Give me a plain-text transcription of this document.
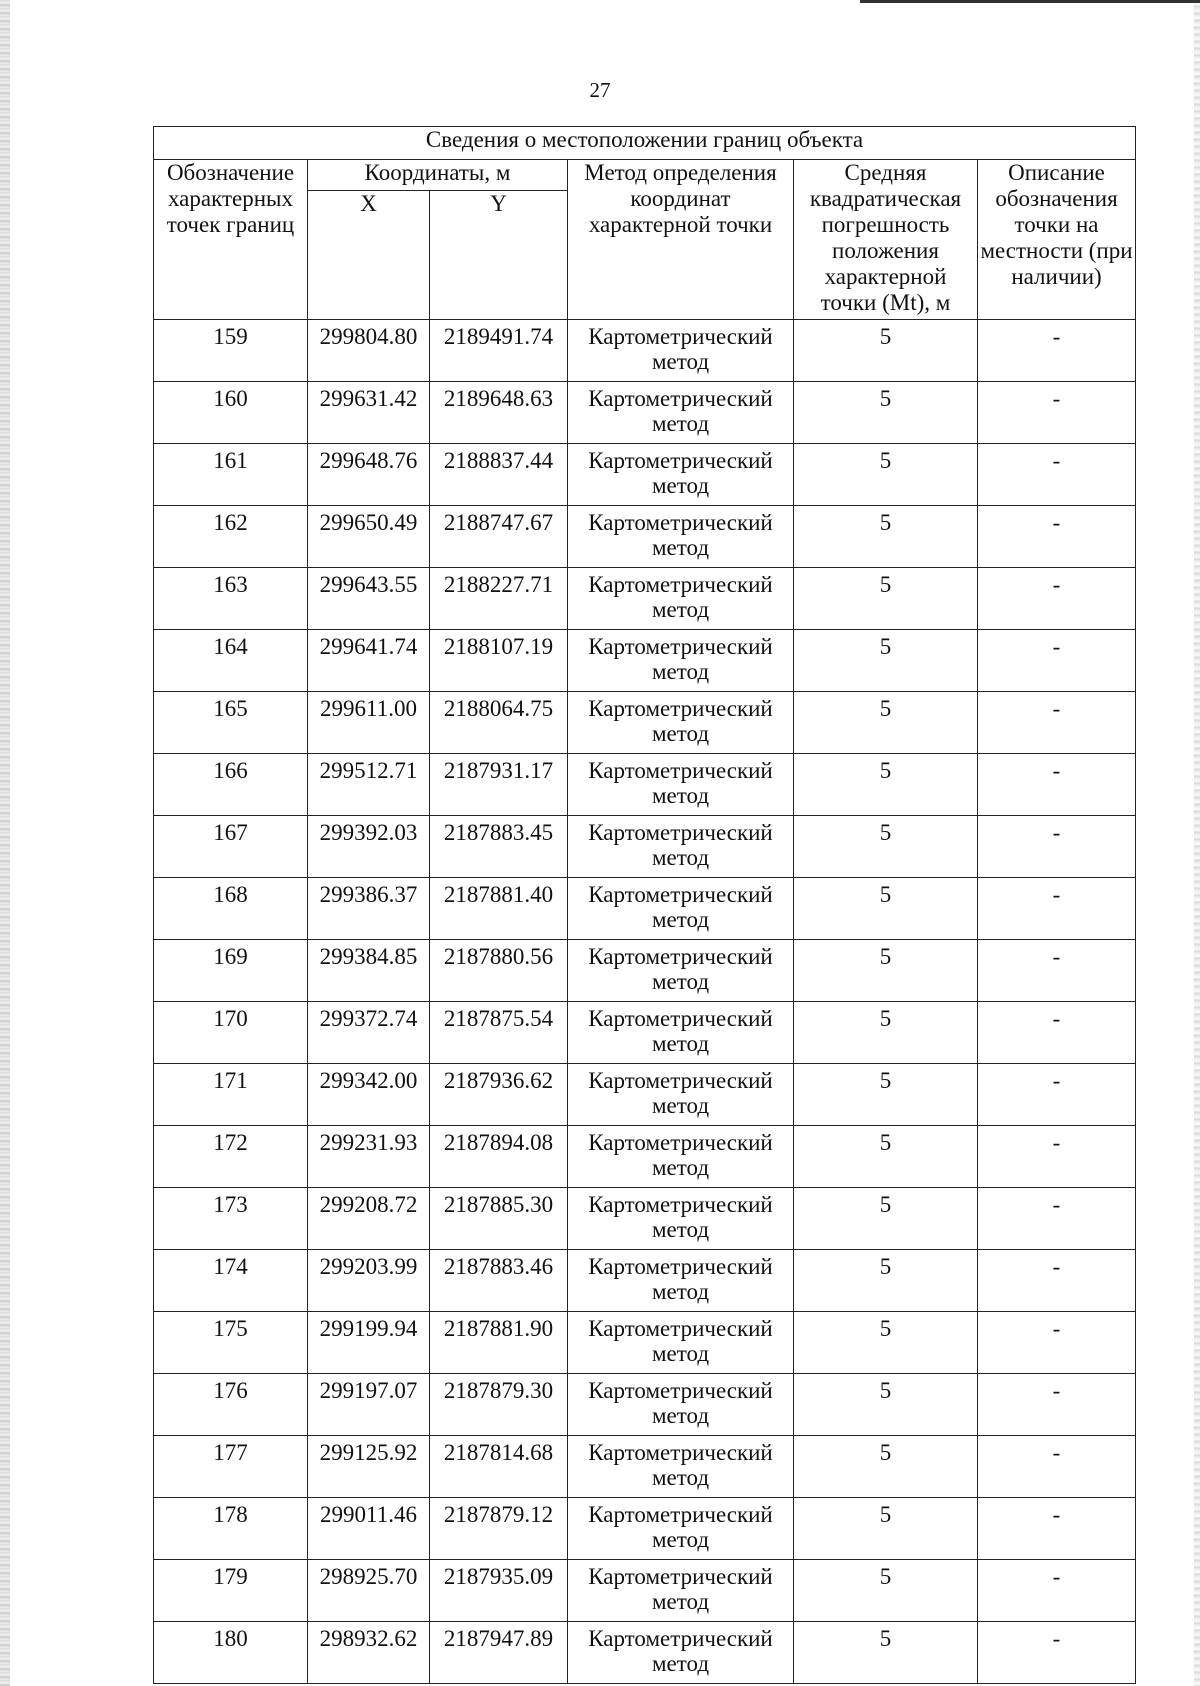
27
Сведения о местоположении границ объекта					
Обозначение характерных точек границ	Координаты, м		Метод определения координат характерной точки	Средняя квадратическая погрешность положения характерной точки (Mt), м	Описание обозначения точки на местности (при наличии)
	X	Y			
159	299804.80	2189491.74	Картометрический метод	5	-
160	299631.42	2189648.63	Картометрический метод	5	-
161	299648.76	2188837.44	Картометрический метод	5	-
162	299650.49	2188747.67	Картометрический метод	5	-
163	299643.55	2188227.71	Картометрический метод	5	-
164	299641.74	2188107.19	Картометрический метод	5	-
165	299611.00	2188064.75	Картометрический метод	5	-
166	299512.71	2187931.17	Картометрический метод	5	-
167	299392.03	2187883.45	Картометрический метод	5	-
168	299386.37	2187881.40	Картометрический метод	5	-
169	299384.85	2187880.56	Картометрический метод	5	-
170	299372.74	2187875.54	Картометрический метод	5	-
171	299342.00	2187936.62	Картометрический метод	5	-
172	299231.93	2187894.08	Картометрический метод	5	-
173	299208.72	2187885.30	Картометрический метод	5	-
174	299203.99	2187883.46	Картометрический метод	5	-
175	299199.94	2187881.90	Картометрический метод	5	-
176	299197.07	2187879.30	Картометрический метод	5	-
177	299125.92	2187814.68	Картометрический метод	5	-
178	299011.46	2187879.12	Картометрический метод	5	-
179	298925.70	2187935.09	Картометрический метод	5	-
180	298932.62	2187947.89	Картометрический метод	5	-
